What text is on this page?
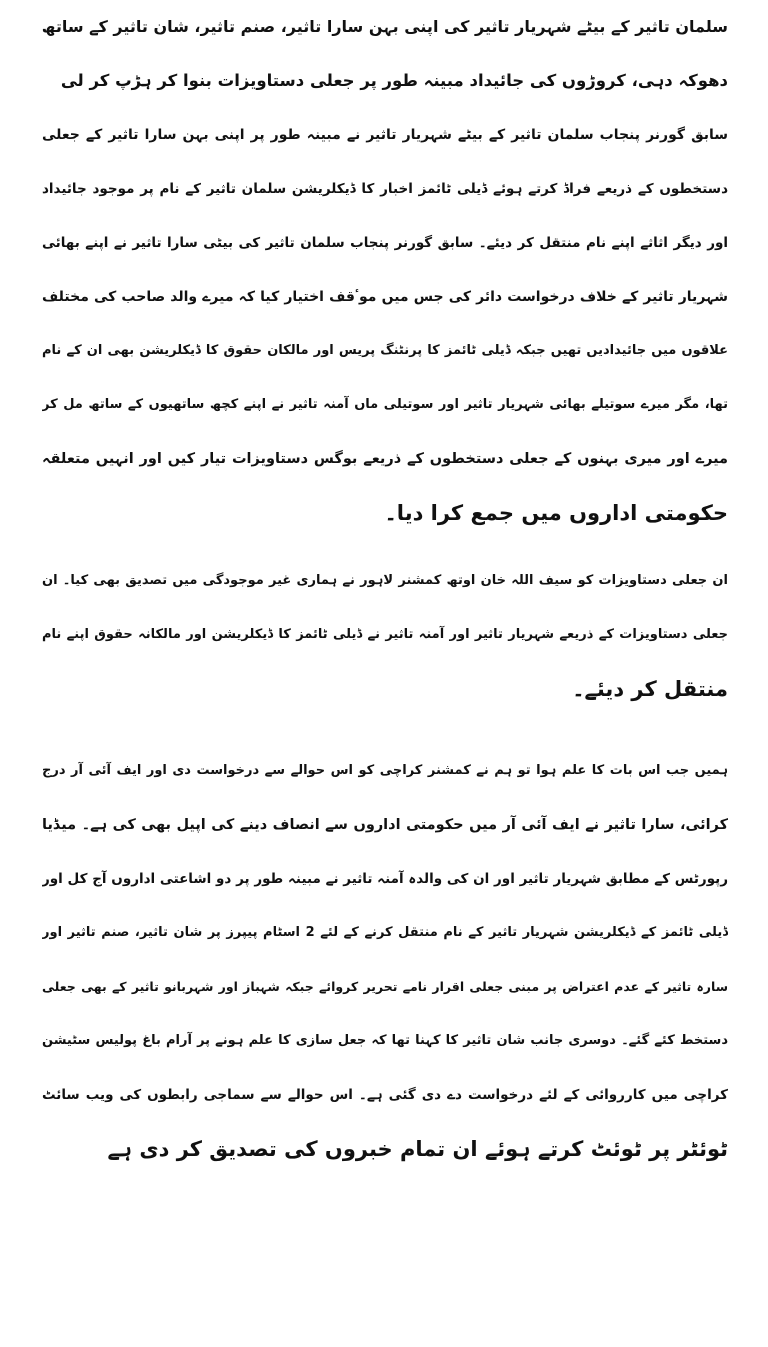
سلمان تاثیر کے بیٹے شہریار تاثیر کی اپنی بہن سارا تاثیر، صنم تاثیر، شان تاثیر کے ساتھ
دھوکہ دہی، کروڑوں کی جائیداد مبینہ طور پر جعلی دستاویزات بنوا کر ہڑپ کر لی
سابق گورنر پنجاب سلمان تاثیر کے بیٹے شہریار تاثیر نے مبینہ طور پر اپنی بہن سارا تاثیر کے جعلی
دستخطوں کے ذریعے فراڈ کرتے ہوئے ڈیلی ٹائمز اخبار کا ڈیکلریشن سلمان تاثیر کے نام پر موجود جائیداد
اور دیگر اثاثے اپنے نام منتقل کر دیئے۔ سابق گورنر پنجاب سلمان تاثیر کی بیٹی سارا تاثیر نے اپنے بھائی
شہریار تاثیر کے خلاف درخواست دائر کی جس میں موٴقف اختیار کیا کہ میرے والد صاحب کی مختلف
علاقوں میں جائیدادیں تھیں جبکہ ڈیلی ٹائمز کا پرنٹنگ پریس اور مالکان حقوق کا ڈیکلریشن بھی ان کے نام
تھا، مگر میرے سوتیلے بھائی شہریار تاثیر اور سوتیلی ماں آمنہ تاثیر نے اپنے کچھ ساتھیوں کے ساتھ مل کر
میرے اور میری بہنوں کے جعلی دستخطوں کے ذریعے بوگس دستاویزات تیار کیں اور انہیں متعلقہ
حکومتی اداروں میں جمع کرا دیا۔
ان جعلی دستاویزات کو سیف اللہ خان اوتھ کمشنر لاہور نے ہماری غیر موجودگی میں تصدیق بھی کیا۔ ان
جعلی دستاویزات کے ذریعے شہریار تاثیر اور آمنہ تاثیر نے ڈیلی ٹائمز کا ڈیکلریشن اور مالکانہ حقوق اپنے نام
منتقل کر دیئے۔
ہمیں جب اس بات کا علم ہوا تو ہم نے کمشنر کراچی کو اس حوالے سے درخواست دی اور ایف آئی آر درج
کرائی، سارا تاثیر نے ایف آئی آر میں حکومتی اداروں سے انصاف دینے کی اپیل بھی کی ہے۔ میڈیا
رپورٹس کے مطابق شہریار تاثیر اور ان کی والدہ آمنہ تاثیر نے مبینہ طور پر دو اشاعتی اداروں آج کل اور
ڈیلی ٹائمز کے ڈیکلریشن شہریار تاثیر کے نام منتقل کرنے کے لئے 2 اسٹام پیپرز پر شان تاثیر، صنم تاثیر اور
سارہ تاثیر کے عدم اعتراض پر مبنی جعلی اقرار نامے تحریر کروائے جبکہ شہباز اور شہربانو تاثیر کے بھی جعلی
دستخط کئے گئے۔ دوسری جانب شان تاثیر کا کہنا تھا کہ جعل سازی کا علم ہونے پر آرام باغ پولیس سٹیشن
کراچی میں کارروائی کے لئے درخواست دے دی گئی ہے۔ اس حوالے سے سماجی رابطوں کی ویب سائٹ
ٹوئٹر پر ٹوئٹ کرتے ہوئے ان تمام خبروں کی تصدیق کر دی ہے
